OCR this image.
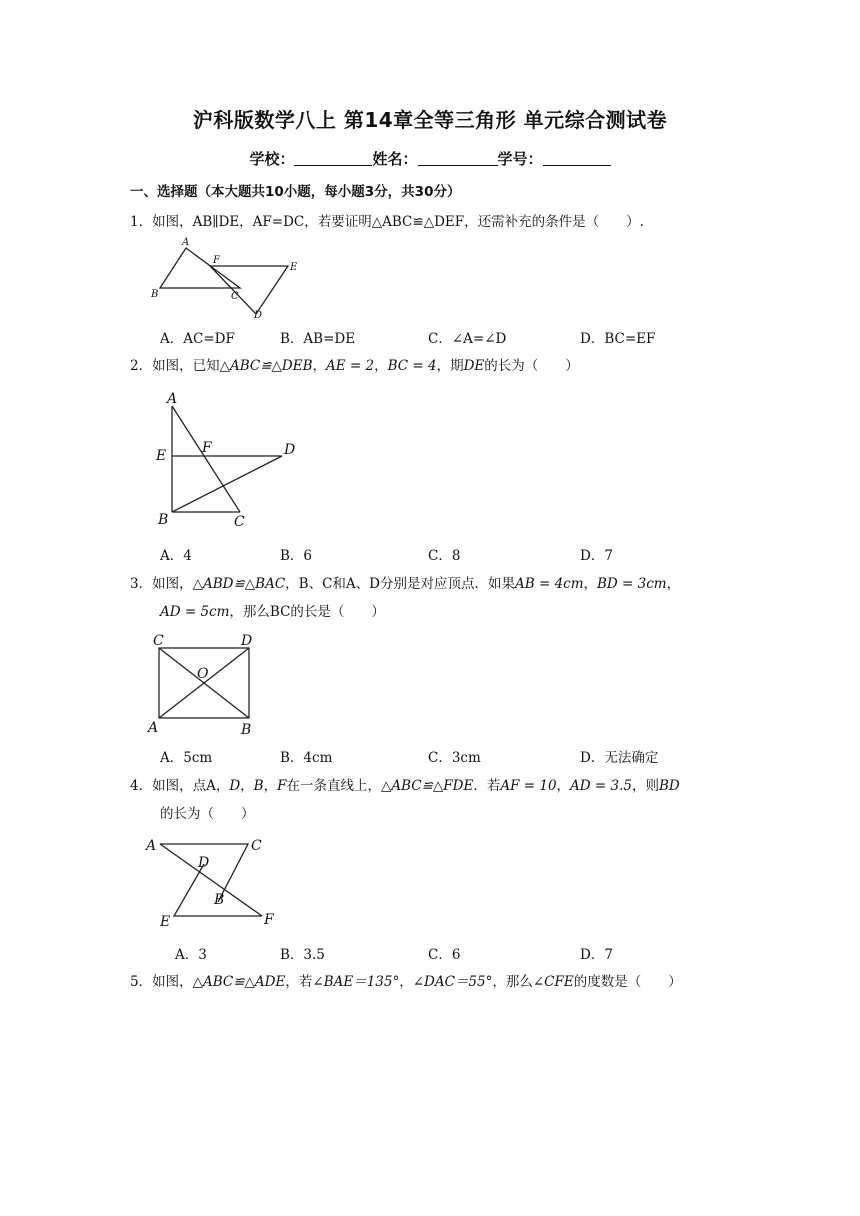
沪科版数学八上 第14章全等三角形 单元综合测试卷
学校：	姓名：	学号：
一、选择题（本大题共10小题，每小题3分，共30分）
1．如图，AB∥DE，AF=DC，若要证明△ABC≌△DEF，还需补充的条件是（　　）.
A
F
E
B	C
D
A．AC=DF	B．AB=DE	C．∠A=∠D	D．BC=EF
2．如图，已知△ABC≌△DEB，AE = 2，BC = 4，期DE的长为（　　）
A
E	F	D
B	C
A．4	B．6	C．8	D．7
3．如图，△ABD≌△BAC，B、C和A、D分别是对应顶点．如果AB = 4cm，BD = 3cm，
AD = 5cm，那么BC的长是（　　）
C	D
O
A	B
A．5cm	B．4cm	C．3cm	D．无法确定
4．如图，点A，D，B，F在一条直线上，△ABC≌△FDE．若AF = 10，AD = 3.5，则BD
的长为（　　）
A	C
D
B
E	F
A．3	B．3.5	C．6	D．7
5．如图，△ABC≌△ADE，若∠BAE＝135°，∠DAC＝55°，那么∠CFE的度数是（　　）
